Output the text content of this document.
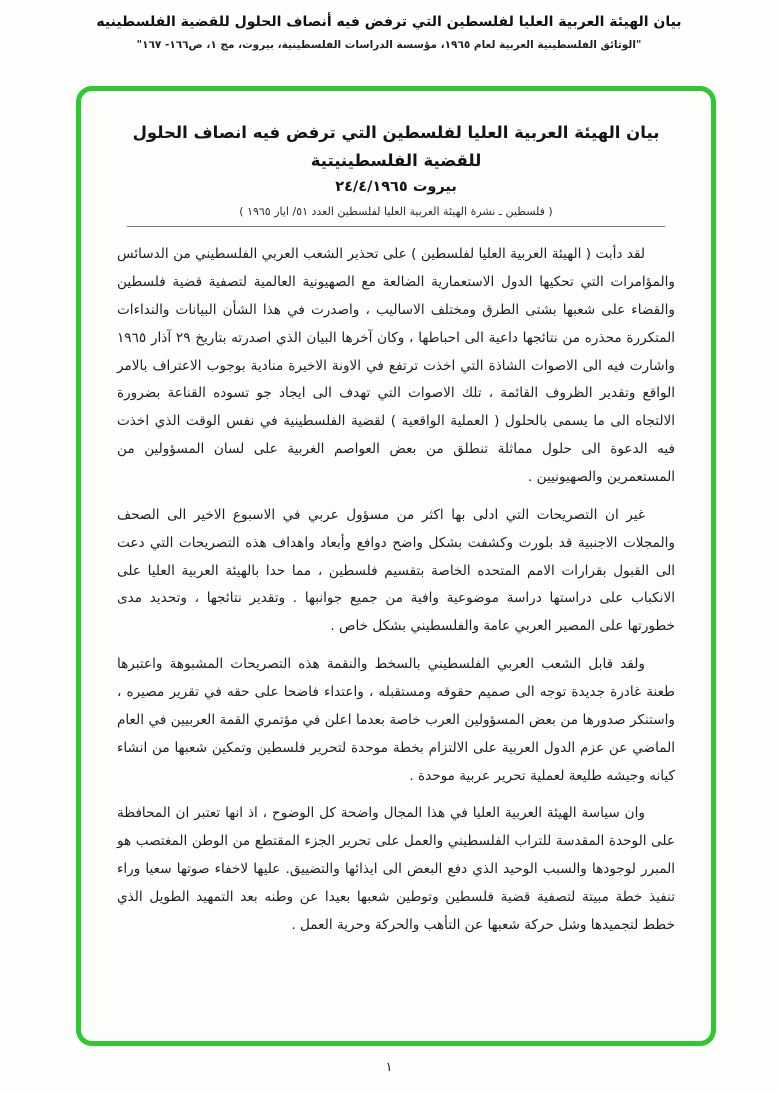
بيان الهيئة العربية العليا لفلسطين التي ترفض فيه أنصاف الحلول للقضية الفلسطينيه
"الوثائق الفلسطينية العربية لعام ١٩٦٥، مؤسسة الدراسات الفلسطينية، بيروت، مج ١، ص١٦٦- ١٦٧"
بيان الهيئة العربية العليا لفلسطين التي ترفض فيه انصاف الحلول للقضية الفلسطينيتية
بيروت ٢٤/٤/١٩٦٥
( فلسطين ـ نشرة الهيئة العربية العليا لفلسطين العدد ٥١/ ايار ١٩٦٥ )

لقد دأبت ( الهيئة العربية العليا لفلسطين ) على تحذير الشعب العربي الفلسطيني من الدسائس والمؤامرات التي تحكيها الدول الاستعمارية الضالعة مع الصهيونية العالمية لتصفية قضية فلسطين والقضاء على شعبها بشتى الطرق ومختلف الاساليب ، واصدرت في هذا الشأن البيانات والنداءات المتكررة محذره من نتائجها داعية الى احباطها ، وكان آخرها البيان الذي اصدرته بتاريخ ٢٩ آذار ١٩٦٥ واشارت فيه الى الاصوات الشاذة التي اخذت ترتفع في الاونة الاخيرة منادية بوجوب الاعتراف بالامر الواقع وتقدير الظروف القائمة ، تلك الاصوات التي تهدف الى ايجاد جو تسوده القناعة بضرورة الالتجاه الى ما يسمى بالحلول ( العملية الواقعية ) لقضية الفلسطينية في نفس الوقت الذي اخذت فيه الدعوة الى حلول مماثلة تنطلق من بعض العواصم الغربية على لسان المسؤولين من المستعمرين والصهيونيين .

غير ان التصريحات التي ادلى بها اكثر من مسؤول عربي في الاسبوع الاخير الى الصحف والمجلات الاجنبية قد بلورت وكشفت بشكل واضح دوافع وأبعاد واهداف هذه التصريحات التي دعت الى القبول بقرارات الامم المتحده الخاصة بتقسيم فلسطين ، مما حدا بالهيئة العربية العليا على الانكباب على دراستها دراسة موضوعية وافية من جميع جوانبها . وتقدير نتائجها ، وتحديد مدى خطورتها على المصير العربي عامة والفلسطيني بشكل خاص .

ولقد قابل الشعب العربي الفلسطيني بالسخط والنقمة هذه التصريحات المشبوهة واعتبرها طعنة غادرة جديدة توجه الى صميم حقوقه ومستقبله ، واعتداء فاضحا على حقه في تقرير مصيره ، واستنكر صدورها من بعض المسؤولين العرب خاصة بعدما اعلن في مؤتمري القمة العربيين في العام الماضي عن عزم الدول العربية على الالتزام بخطة موحدة لتحرير فلسطين وتمكين شعبها من انشاء كيانه وجيشه طليعة لعملية تحرير عربية موحدة .

وان سياسة الهيئة العربية العليا في هذا المجال واضحة كل الوضوح ، اذ انها تعتبر ان المحافظة على الوحدة المقدسة للتراب الفلسطيني والعمل على تحرير الجزء المقتطع من الوطن المغتصب هو المبرر لوجودها والسبب الوحيد الذي دفع البعض الى ايذائها والتضييق. عليها لاخفاء صوتها سعيا وراء تنفيذ خطة مبيتة لتصفية قضية فلسطين وتوطين شعبها بعيدا عن وطنه بعد التمهيد الطويل الذي خطط لتجميدها وشل حركة شعبها عن التأهب والحركة وحرية العمل .

١
